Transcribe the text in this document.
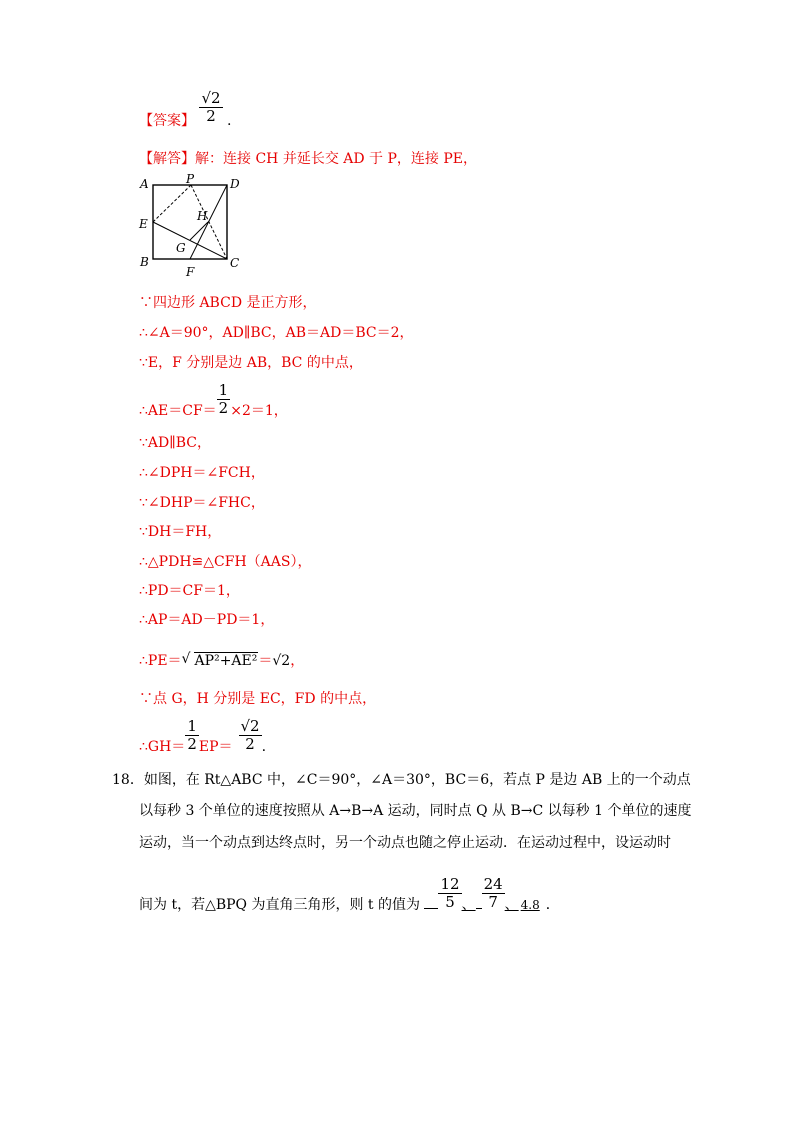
【答案】 $\frac{√2}{2}$ .
【解答】解：连接 CH 并延长交 AD 于 P，连接 PE，
A	P	D
H
E
G
B
F
C
∵四边形 ABCD 是正方形，
∴∠A＝90°，AD∥BC，AB＝AD＝BC＝2，
∵E，F 分别是边 AB，BC 的中点，
∴AE＝CF＝ $\frac{1}{2} \times 2=1$，
∵AD∥BC，
∴∠DPH＝∠FCH，
∵∠DHP＝∠FHC，
∵DH＝FH，
∴△PDH≌△CFH（AAS），
∴PD＝CF＝1，
∴AP＝AD－PD＝1，
∴PE＝ √ AP²+AE²＝√2，
∵点 G，H 分别是 EC，FD 的中点，
∴GH＝ $\frac{1}{2} EP= \frac{√2}{2}$ .
18．如图，在 Rt△ABC 中，∠C＝90°，∠A＝30°，BC＝6，若点 P 是边 AB 上的一个动点
以每秒 3 个单位的速度按照从 A→B→A 运动，同时点 Q 从 B→C 以每秒 1 个单位的速度
运动，当一个动点到达终点时，另一个动点也随之停止运动．在运动过程中，设运动时
间为 t，若△BPQ 为直角三角形，则 t 的值为 $\frac{12}{5}$ 、 $\frac{24}{7}$ 、 4.8 ．
